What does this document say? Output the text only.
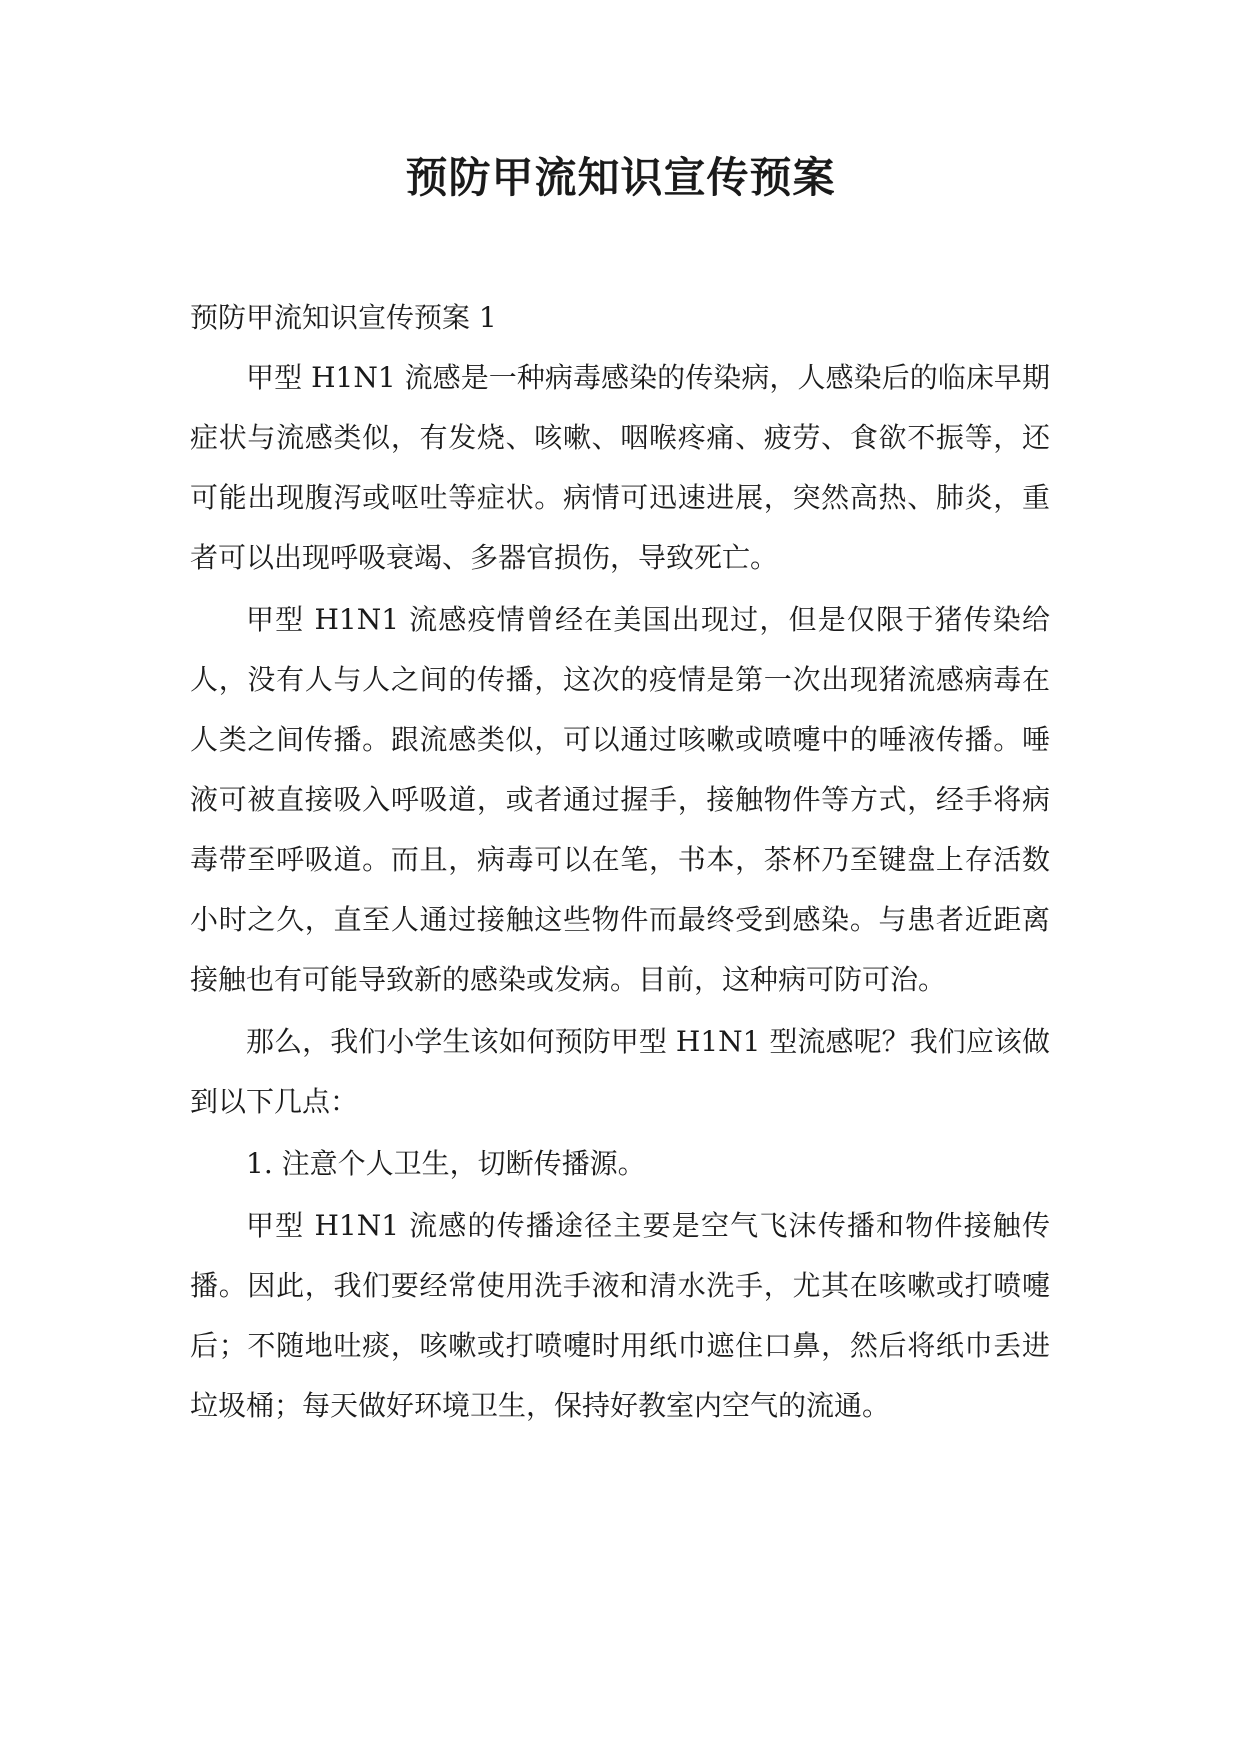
预防甲流知识宣传预案

预防甲流知识宣传预案 1

甲型 H1N1 流感是一种病毒感染的传染病，人感染后的临床早期症状与流感类似，有发烧、咳嗽、咽喉疼痛、疲劳、食欲不振等，还可能出现腹泻或呕吐等症状。病情可迅速进展，突然高热、肺炎，重者可以出现呼吸衰竭、多器官损伤，导致死亡。

甲型 H1N1 流感疫情曾经在美国出现过，但是仅限于猪传染给人，没有人与人之间的传播，这次的疫情是第一次出现猪流感病毒在人类之间传播。跟流感类似，可以通过咳嗽或喷嚏中的唾液传播。唾液可被直接吸入呼吸道，或者通过握手，接触物件等方式，经手将病毒带至呼吸道。而且，病毒可以在笔，书本，茶杯乃至键盘上存活数小时之久，直至人通过接触这些物件而最终受到感染。与患者近距离接触也有可能导致新的感染或发病。目前，这种病可防可治。

那么，我们小学生该如何预防甲型 H1N1 型流感呢？我们应该做到以下几点：

1. 注意个人卫生，切断传播源。

甲型 H1N1 流感的传播途径主要是空气飞沫传播和物件接触传播。因此，我们要经常使用洗手液和清水洗手，尤其在咳嗽或打喷嚏后；不随地吐痰，咳嗽或打喷嚏时用纸巾遮住口鼻，然后将纸巾丢进垃圾桶；每天做好环境卫生，保持好教室内空气的流通。
